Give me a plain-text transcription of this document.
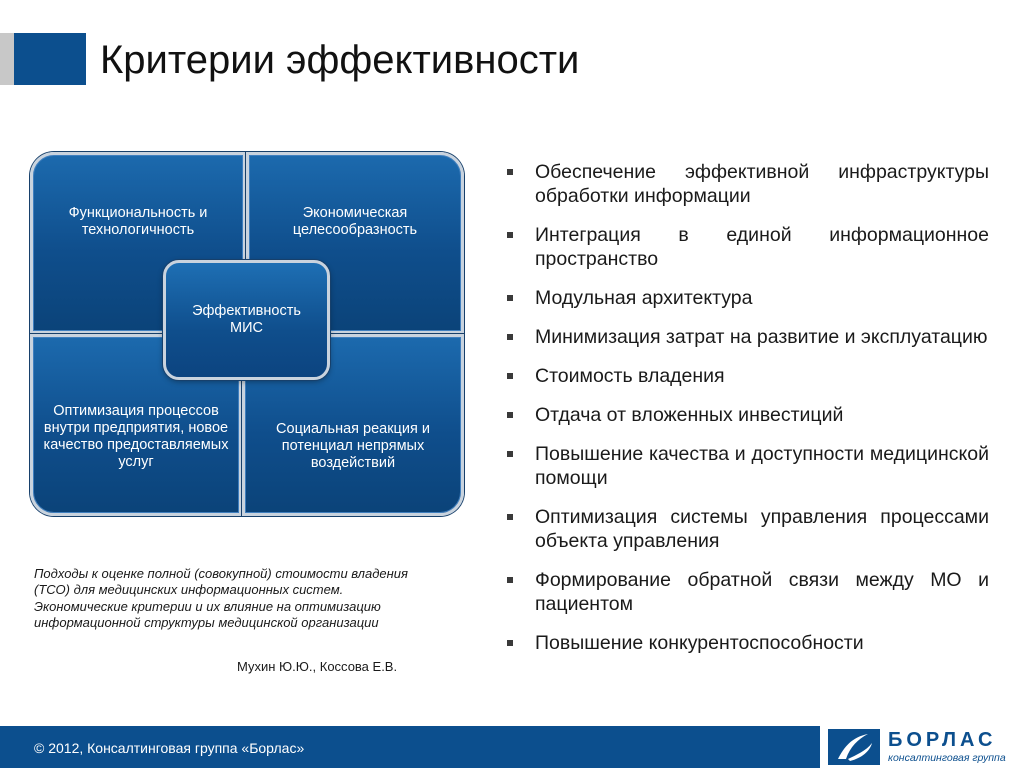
Критерии эффективности
Функциональность и технологичность
Экономическая целесообразность
Оптимизация процессов внутри предприятия, новое качество предоставляемых услуг
Социальная реакция и потенциал непрямых воздействий
Эффективность МИС
Подходы к оценке полной (совокупной) стоимости владения (ТСО) для медицинских информационных систем. Экономические критерии и их влияние на оптимизацию информационной структуры медицинской организации
Мухин Ю.Ю., Коссова Е.В.
Обеспечение эффективной инфраструктуры обработки информации
Интеграция в единой информационное пространство
Модульная архитектура
Минимизация затрат на развитие и эксплуатацию
Стоимость владения
Отдача от вложенных инвестиций
Повышение качества и доступности медицинской помощи
Оптимизация системы управления процессами объекта управления
Формирование обратной связи между МО и пациентом
Повышение конкурентоспособности
© 2012, Консалтинговая группа «Борлас»	БОРЛАС
консалтинговая группа
